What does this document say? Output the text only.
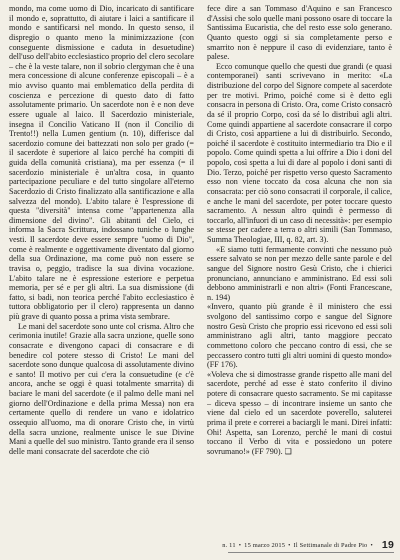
mondo, ma come uomo di Dio, incaricato di santificare il mondo e, soprattutto, di aiutare i laici a santificare il mondo e santificarsi nel mondo. In questo senso, il dispregio o quanto meno la minimizzazione (con conseguente dismissione e caduta in desuetudine) dell'uso dell'abito ecclesiastico proprio del clero secolare – che è la veste talare, non il sobrio clergyman che è una mera concessione di alcune conferenze episcopali – è a mio avviso quanto mai emblematico della perdita di coscienza e percezione di questo dato di fatto assolutamente primario. Un sacerdote non è e non deve essere uguale al laico. Il Sacerdozio ministeriale, insegna il Concilio Vaticano II (non il Concilio di Trento!!) nella Lumen gentium (n. 10), differisce dal sacerdozio comune dei battezzati non solo per grado (= il sacerdote è superiore al laico perché ha compiti di guida della comunità cristiana), ma per essenza (= il sacerdozio ministeriale è un'altra cosa, in quanto partecipazione peculiare e del tutto singolare all'eterno Sacerdozio di Cristo finalizzato alla santificazione e alla salvezza del mondo). L'abito talare è l'espressione di questa "diversità" intensa come "appartenenza alla dimensione del divino". Gli abitanti del Cielo, ci informa la Sacra Scrittura, indossano tuniche o lunghe vesti. Il sacerdote deve essere sempre "uomo di Dio", come è realmente e oggettivamente diventato dal giorno della sua Ordinazione, ma come può non essere se travisa o, peggio, tradisce la sua divina vocazione. L'abito talare ne è espressione esteriore e perpetua memoria, per sé e per gli altri. La sua dismissione (di fatto, si badi, non teorica perché l'abito ecclesiastico è tuttora obbligatorio per il clero) rappresenta un danno più grave di quanto possa a prima vista sembrare.

Le mani del sacerdote sono unte col crisma. Altro che cerimonia inutile! Grazie alla sacra unzione, quelle sono consacrate e divengono capaci di consacrare e di benedire col potere stesso di Cristo! Le mani del sacerdote sono dunque qualcosa di assolutamente divino e santo! Il motivo per cui c'era la consuetudine (e c'è ancora, anche se oggi è quasi totalmente smarrita) di baciare le mani del sacerdote (e il palmo delle mani nel giorno dell'Ordinazione e della prima Messa) non era certamente quello di rendere un vano e idolatrico ossequio all'uomo, ma di onorare Cristo che, in virtù della sacra unzione, realmente unisce le sue Divine Mani a quelle del suo ministro. Tanto grande era il senso delle mani consacrate del sacerdote che ciò

fece dire a san Tommaso d'Aquino e san Francesco d'Assisi che solo quelle mani possono osare di toccare la Santissima Eucaristia, che del resto esse solo generano. Quanto questo oggi si sia completamente perso e smarrito non è neppure il caso di evidenziare, tanto è palese.

Ecco comunque quello che questi due grandi (e quasi contemporanei) santi scrivevano in merito: «La distribuzione del corpo del Signore compete al sacerdote per tre motivi. Primo, poiché come si è detto egli consacra in persona di Cristo. Ora, come Cristo consacrò da sé il proprio Corpo, così da sé lo distribuì agli altri. Come quindi appartiene al sacerdote consacrare il corpo di Cristo, così appartiene a lui di distribuirlo. Secondo, poiché il sacerdote è costituito intermediario tra Dio e il popolo. Come quindi spetta a lui offrire a Dio i doni del popolo, così spetta a lui di dare al popolo i doni santi di Dio. Terzo, poiché per rispetto verso questo Sacramento esso non viene toccato da cosa alcuna che non sia consacrata: per ciò sono consacrati il corporale, il calice, e anche le mani del sacerdote, per poter toccare questo sacramento. A nessun altro quindi è permesso di toccarlo, all'infuori di un caso di necessità»: per esempio se stesse per cadere a terra o altri simili (San Tommaso, Summa Theologiae, III, q. 82, art. 3).

«E siamo tutti fermamente convinti che nessuno può essere salvato se non per mezzo delle sante parole e del sangue del Signore nostro Gesù Cristo, che i chierici pronunciano, annunciano e amministrano. Ed essi soli debbono amministrarli e non altri» (Fonti Francescane, n. 194)

«Invero, quanto più grande è il ministero che essi svolgono del santissimo corpo e sangue del Signore nostro Gesù Cristo che proprio essi ricevono ed essi soli amministrano agli altri, tanto maggiore peccato commettono coloro che peccano contro di essi, che se peccassero contro tutti gli altri uomini di questo mondo» (FF 176).

«Voleva che si dimostrasse grande rispetto alle mani del sacerdote, perché ad esse è stato conferito il divino potere di consacrare questo sacramento. Se mi capitasse – diceva spesso – di incontrare insieme un santo che viene dal cielo ed un sacerdote poverello, saluterei prima il prete e correrei a baciargli le mani. Direi infatti: Ohi! Aspetta, san Lorenzo, perché le mani di costui toccano il Verbo di vita e possiedono un potere sovrumano!» (FF 790). ❑

n. 11 • 15 marzo 2015 • Il Settimanale di Padre Pio • 19
